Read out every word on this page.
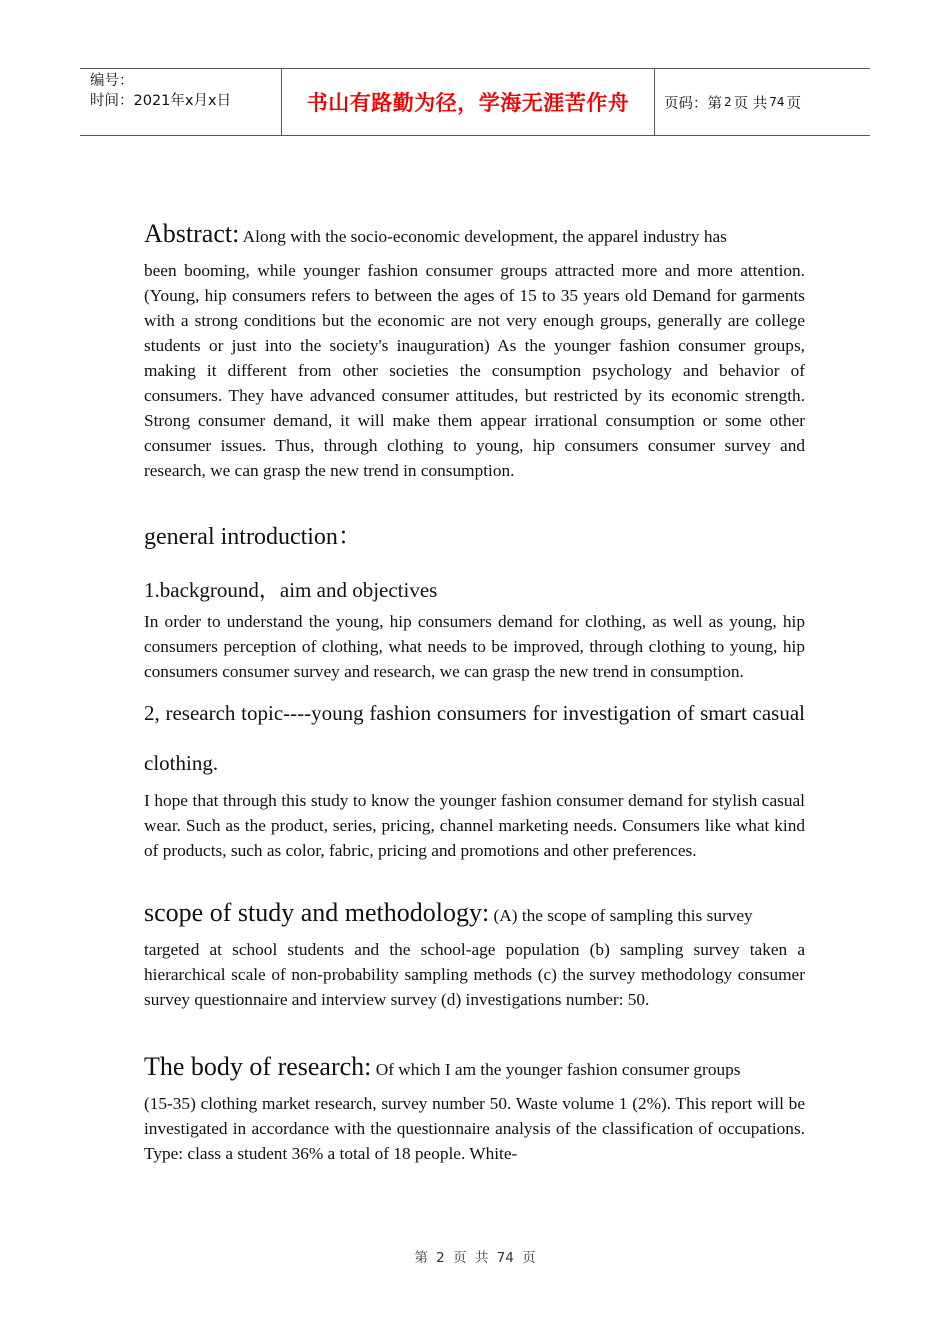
编号：
时间：2021年x月x日	书山有路勤为径，学海无涯苦作舟	页码：第 2 页 共 74 页

Abstract: Along with the socio-economic development, the apparel industry has

been booming, while younger fashion consumer groups attracted more and more attention. (Young, hip consumers refers to between the ages of 15 to 35 years old Demand for garments with a strong conditions but the economic are not very enough groups, generally are college students or just into the society's inauguration) As the younger fashion consumer groups, making it different from other societies the consumption psychology and behavior of consumers. They have advanced consumer attitudes, but restricted by its economic strength. Strong consumer demand, it will make them appear irrational consumption or some other consumer issues. Thus, through clothing to young, hip consumers consumer survey and research, we can grasp the new trend in consumption.

general introduction：
1.background，aim and objectives

In order to understand the young, hip consumers demand for clothing, as well as young, hip consumers perception of clothing, what needs to be improved, through clothing to young, hip consumers consumer survey and research, we can grasp the new trend in consumption.

2, research topic----young fashion consumers for investigation of smart casual clothing.

I hope that through this study to know the younger fashion consumer demand for stylish casual wear. Such as the product, series, pricing, channel marketing needs. Consumers like what kind of products, such as color, fabric, pricing and promotions and other preferences.

scope of study and methodology: (A) the scope of sampling this survey

targeted at school students and the school-age population (b) sampling survey taken a hierarchical scale of non-probability sampling methods (c) the survey methodology consumer survey questionnaire and interview survey (d) investigations number: 50.

The body of research: Of which I am the younger fashion consumer groups

(15-35) clothing market research, survey number 50. Waste volume 1 (2%). This report will be investigated in accordance with the questionnaire analysis of the classification of occupations. Type: class a student 36% a total of 18 people. White-

第 2 页 共 74 页
